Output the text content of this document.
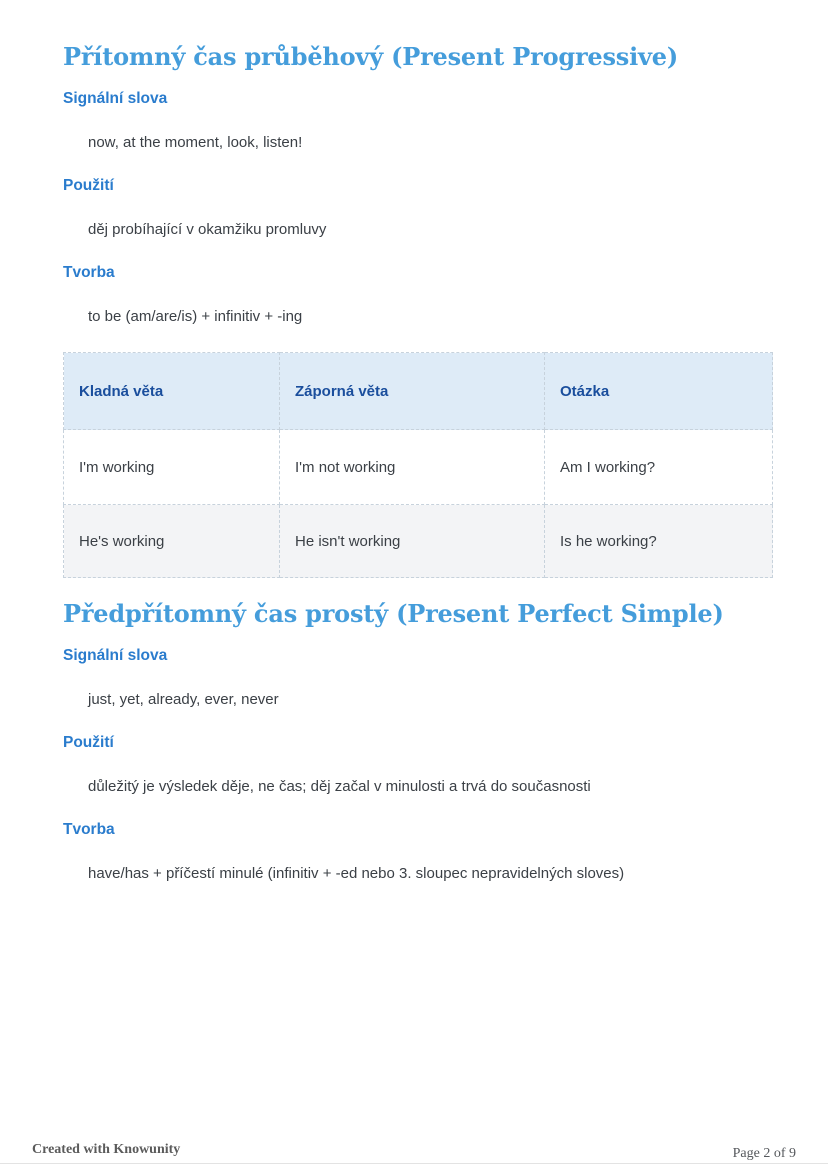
Přítomný čas průběhový (Present Progressive)
Signální slova

now, at the moment, look, listen!

Použití

děj probíhající v okamžiku promluvy

Tvorba

to be (am/are/is) + infinitiv + -ing

Kladná věta	Záporná věta	Otázka
I'm working	I'm not working	Am I working?
He's working	He isn't working	Is he working?
Předpřítomný čas prostý (Present Perfect Simple)
Signální slova

just, yet, already, ever, never

Použití

důležitý je výsledek děje, ne čas; děj začal v minulosti a trvá do současnosti

Tvorba

have/has + příčestí minulé (infinitiv + -ed nebo 3. sloupec nepravidelných sloves)

Created with Knowunity	Page 2 of 9
